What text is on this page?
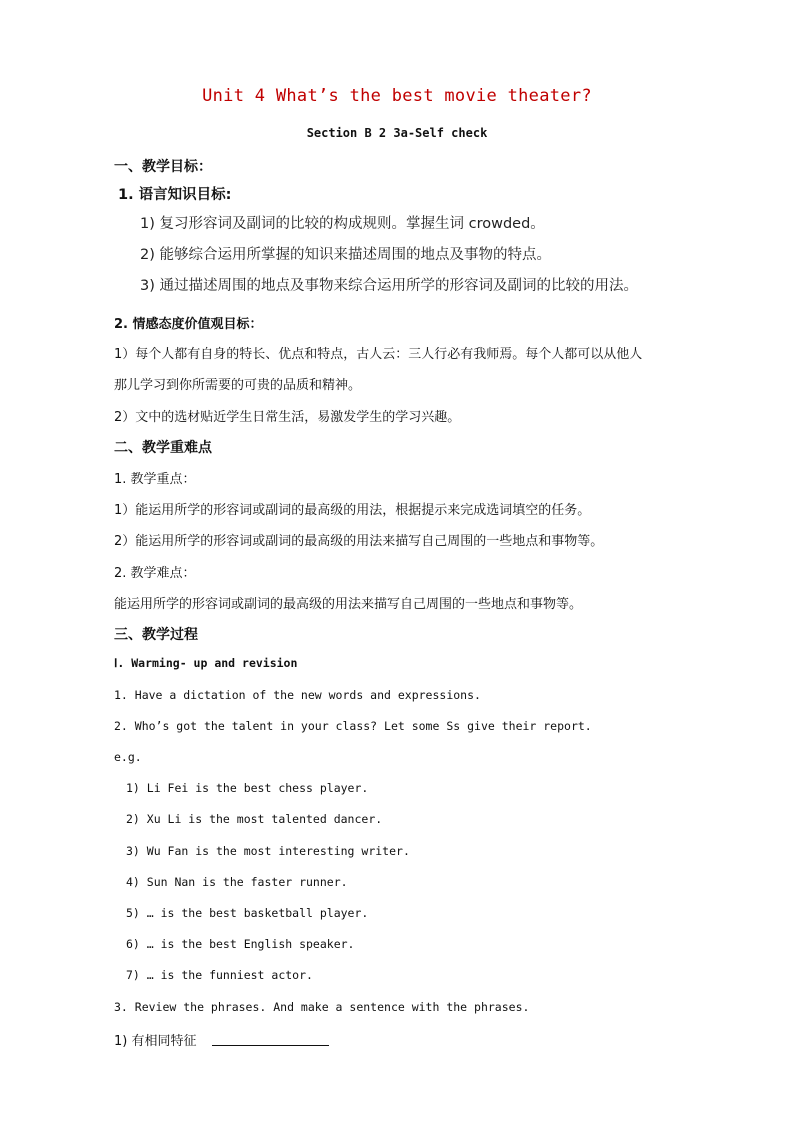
Unit 4 What’s the best movie theater?
Section B 2 3a-Self check
一、教学目标：
1. 语言知识目标:
1) 复习形容词及副词的比较的构成规则。掌握生词 crowded。
2) 能够综合运用所掌握的知识来描述周围的地点及事物的特点。
3) 通过描述周围的地点及事物来综合运用所学的形容词及副词的比较的用法。
2. 情感态度价值观目标：
1）每个人都有自身的特长、优点和特点，古人云：三人行必有我师焉。每个人都可以从他人
那儿学习到你所需要的可贵的品质和精神。
2）文中的选材贴近学生日常生活，易激发学生的学习兴趣。
二、教学重难点
1. 教学重点：
1）能运用所学的形容词或副词的最高级的用法，根据提示来完成选词填空的任务。
2）能运用所学的形容词或副词的最高级的用法来描写自己周围的一些地点和事物等。
2. 教学难点：
能运用所学的形容词或副词的最高级的用法来描写自己周围的一些地点和事物等。
三、教学过程
Ⅰ. Warming- up and revision
1. Have a dictation of the new words and expressions.
2. Who’s got the talent in your class? Let some Ss give their report.
e.g.
1) Li Fei is the best chess player.
2) Xu Li is the most talented dancer.
3) Wu Fan is the most interesting writer.
4) Sun Nan is the faster runner.
5) … is the best basketball player.
6) … is the best English speaker.
7) … is the funniest actor.
3. Review the phrases. And make a sentence with the phrases.
1) 有相同特征
